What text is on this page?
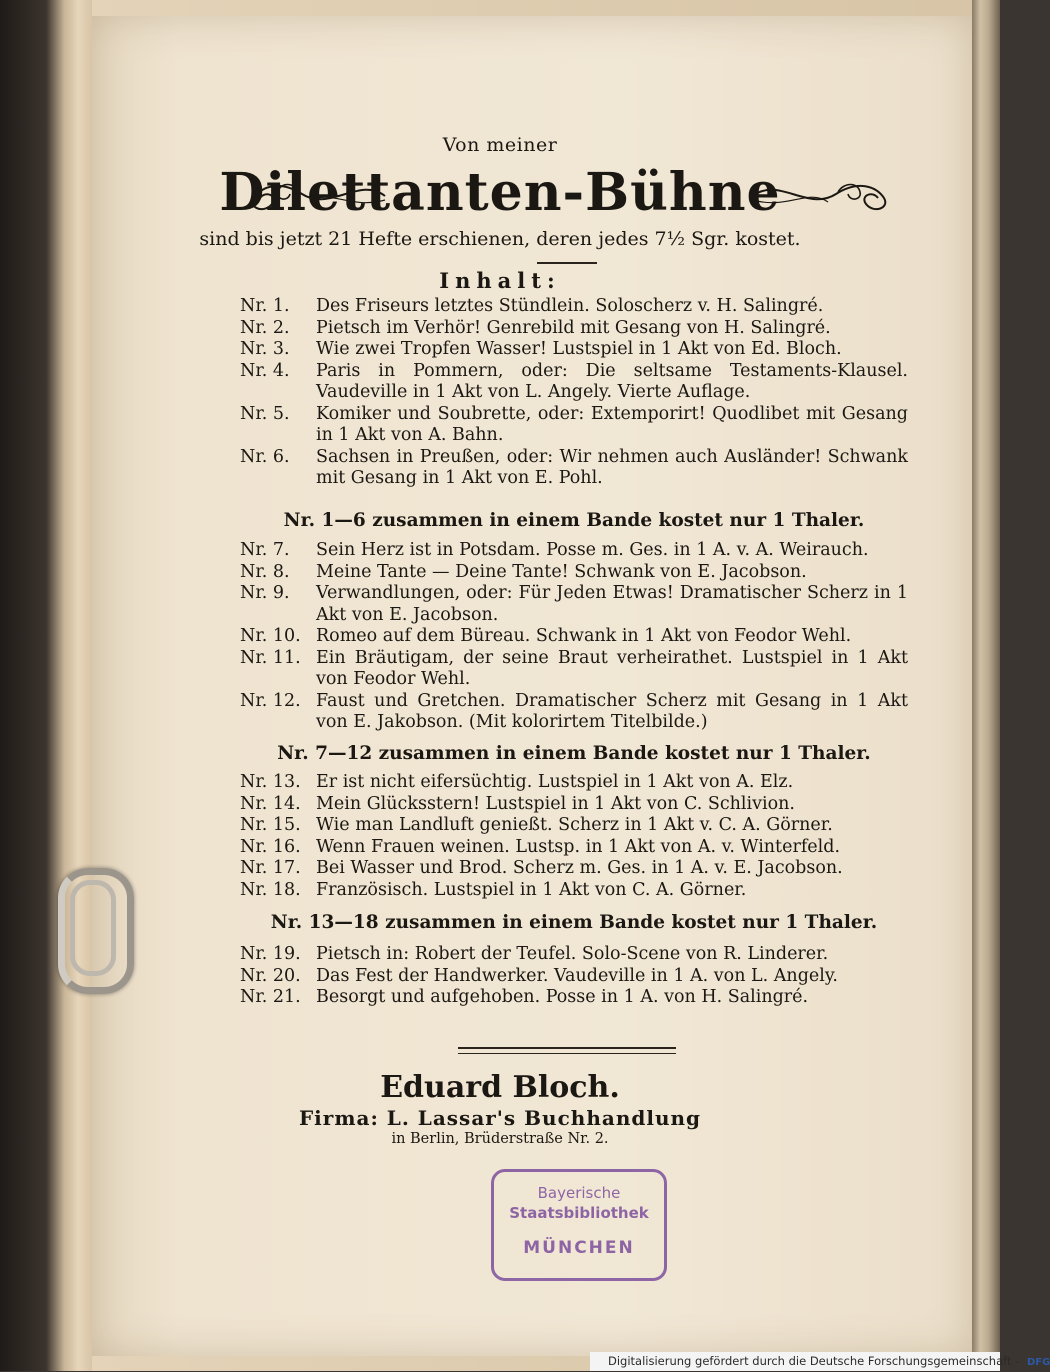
Von meiner
Dilettanten-Bühne
sind bis jetzt 21 Hefte erschienen, deren jedes 7½ Sgr. kostet.
Inhalt:
Nr. 1.	Des Friseurs letztes Stündlein. Soloscherz v. H. Salingré.
Nr. 2.	Pietsch im Verhör! Genrebild mit Gesang von H. Salingré.
Nr. 3.	Wie zwei Tropfen Wasser! Lustspiel in 1 Akt von Ed. Bloch.
Nr. 4.	Paris in Pommern, oder: Die seltsame Testaments-Klausel. Vaudeville in 1 Akt von L. Angely. Vierte Auflage.
Nr. 5.	Komiker und Soubrette, oder: Extemporirt! Quodlibet mit Gesang in 1 Akt von A. Bahn.
Nr. 6.	Sachsen in Preußen, oder: Wir nehmen auch Ausländer! Schwank mit Gesang in 1 Akt von E. Pohl.
Nr. 1—6 zusammen in einem Bande kostet nur 1 Thaler.
Nr. 7.	Sein Herz ist in Potsdam. Posse m. Ges. in 1 A. v. A. Weirauch.
Nr. 8.	Meine Tante — Deine Tante! Schwank von E. Jacobson.
Nr. 9.	Verwandlungen, oder: Für Jeden Etwas! Dramatischer Scherz in 1 Akt von E. Jacobson.
Nr. 10. Romeo auf dem Büreau. Schwank in 1 Akt von Feodor Wehl.
Nr. 11. Ein Bräutigam, der seine Braut verheirathet. Lustspiel in 1 Akt von Feodor Wehl.
Nr. 12. Faust und Gretchen. Dramatischer Scherz mit Gesang in 1 Akt von E. Jakobson. (Mit kolorirtem Titelbilde.)
Nr. 7—12 zusammen in einem Bande kostet nur 1 Thaler.
Nr. 13. Er ist nicht eifersüchtig. Lustspiel in 1 Akt von A. Elz.
Nr. 14. Mein Glücksstern! Lustspiel in 1 Akt von C. Schlivion.
Nr. 15. Wie man Landluft genießt. Scherz in 1 Akt v. C. A. Görner.
Nr. 16. Wenn Frauen weinen. Lustsp. in 1 Akt von A. v. Winterfeld.
Nr. 17. Bei Wasser und Brod. Scherz m. Ges. in 1 A. v. E. Jacobson.
Nr. 18. Französisch. Lustspiel in 1 Akt von C. A. Görner.
Nr. 13—18 zusammen in einem Bande kostet nur 1 Thaler.
Nr. 19. Pietsch in: Robert der Teufel. Solo-Scene von R. Linderer.
Nr. 20. Das Fest der Handwerker. Vaudeville in 1 A. von L. Angely.
Nr. 21. Besorgt und aufgehoben. Posse in 1 A. von H. Salingré.
Eduard Bloch.
Firma: L. Lassar's Buchhandlung
in Berlin, Brüderstraße Nr. 2.
Bayerische
Staatsbibliothek
MÜNCHEN
Digitalisierung gefördert durch die Deutsche Forschungsgemeinschaft - DFG
